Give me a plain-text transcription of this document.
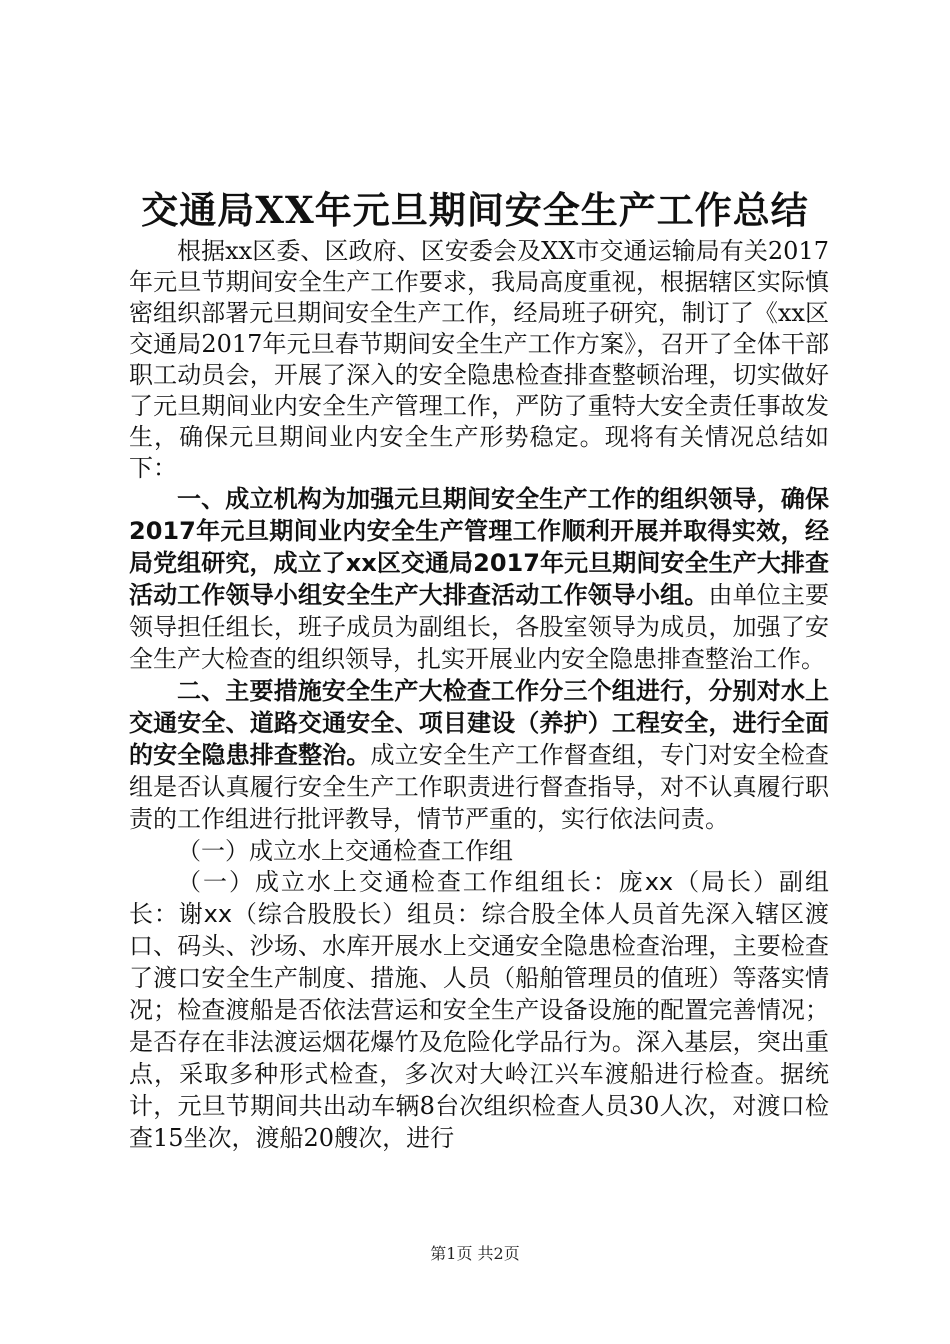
交通局XX年元旦期间安全生产工作总结

根据xx区委、区政府、区安委会及XX市交通运输局有关2017年元旦节期间安全生产工作要求，我局高度重视，根据辖区实际慎密组织部署元旦期间安全生产工作，经局班子研究，制订了《xx区交通局2017年元旦春节期间安全生产工作方案》，召开了全体干部职工动员会，开展了深入的安全隐患检查排查整顿治理，切实做好了元旦期间业内安全生产管理工作，严防了重特大安全责任事故发生，确保元旦期间业内安全生产形势稳定。现将有关情况总结如下：

一、成立机构为加强元旦期间安全生产工作的组织领导，确保2017年元旦期间业内安全生产管理工作顺利开展并取得实效，经局党组研究，成立了xx区交通局2017年元旦期间安全生产大排查活动工作领导小组安全生产大排查活动工作领导小组。由单位主要领导担任组长，班子成员为副组长，各股室领导为成员，加强了安全生产大检查的组织领导，扎实开展业内安全隐患排查整治工作。

二、主要措施安全生产大检查工作分三个组进行，分别对水上交通安全、道路交通安全、项目建设（养护）工程安全，进行全面的安全隐患排查整治。成立安全生产工作督查组，专门对安全检查组是否认真履行安全生产工作职责进行督查指导，对不认真履行职责的工作组进行批评教导，情节严重的，实行依法问责。

（一）成立水上交通检查工作组

（一）成立水上交通检查工作组组长：庞xx（局长）副组长：谢xx（综合股股长）组员：综合股全体人员首先深入辖区渡口、码头、沙场、水库开展水上交通安全隐患检查治理，主要检查了渡口安全生产制度、措施、人员（船舶管理员的值班）等落实情况；检查渡船是否依法营运和安全生产设备设施的配置完善情况；是否存在非法渡运烟花爆竹及危险化学品行为。深入基层，突出重点，采取多种形式检查，多次对大岭江兴车渡船进行检查。据统计，元旦节期间共出动车辆8台次组织检查人员30人次，对渡口检查15坐次，渡船20艘次，进行

第1页 共2页
